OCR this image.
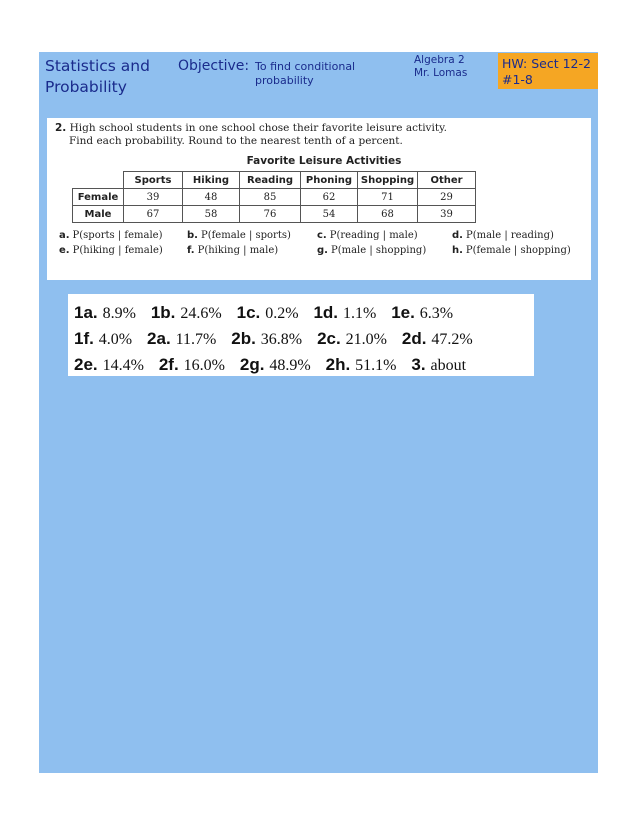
Statistics and
Probability
Objective: To find conditional
probability
Algebra 2
Mr. Lomas
HW: Sect 12-2
#1-8
2. High school students in one school chose their favorite leisure activity.
Find each probability. Round to the nearest tenth of a percent.
Favorite Leisure Activities
	Sports	Hiking	Reading	Phoning	Shopping	Other
Female	39	48	85	62	71	29
Male	67	58	76	54	68	39
a. P(sports | female)	b. P(female | sports)	c. P(reading | male)	d. P(male | reading)
e. P(hiking | female)	f. P(hiking | male)	g. P(male | shopping)	h. P(female | shopping)
1a. 8.9% 1b. 24.6% 1c. 0.2% 1d. 1.1% 1e. 6.3%
1f. 4.0% 2a. 11.7% 2b. 36.8% 2c. 21.0% 2d. 47.2%
2e. 14.4% 2f. 16.0% 2g. 48.9% 2h. 51.1% 3. about
